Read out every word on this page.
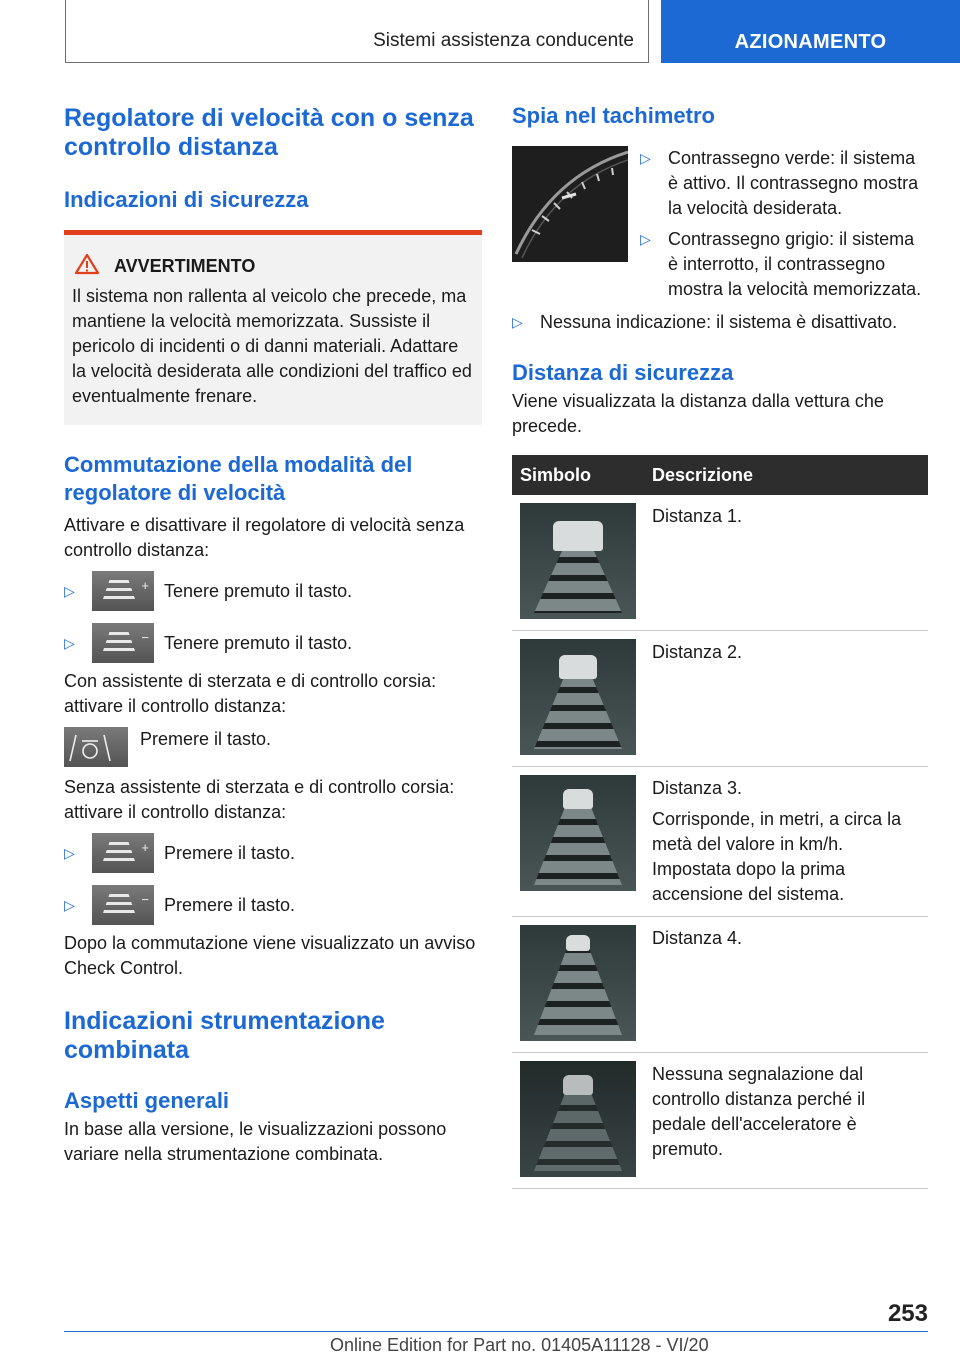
Sistemi assistenza conducente	AZIONAMENTO
Regolatore di velocità con o senza controllo distanza
Indicazioni di sicurezza
AVVERTIMENTO

Il sistema non rallenta al veicolo che precede, ma mantiene la velocità memorizzata. Sussiste il pericolo di incidenti o di danni materiali. Adattare la velocità desiderata alle condizioni del traffico ed eventualmente frenare.

Commutazione della modalità del regolatore di velocità

Attivare e disattivare il regolatore di velocità senza controllo distanza:

▷	+ Tenere premuto il tasto.
▷	− Tenere premuto il tasto.

Con assistente di sterzata e di controllo corsia: attivare il controllo distanza:

Premere il tasto.

Senza assistente di sterzata e di controllo corsia: attivare il controllo distanza:

▷	+ Premere il tasto.
▷	− Premere il tasto.

Dopo la commutazione viene visualizzato un avviso Check Control.

Indicazioni strumentazione combinata
Aspetti generali

In base alla versione, le visualizzazioni possono variare nella strumentazione combinata.

Spia nel tachimetro
▷ Contrassegno verde: il sistema è attivo. Il contrassegno mostra la velocità desiderata.

▷ Contrassegno grigio: il sistema è interrotto, il contrassegno mostra la velocità memorizzata.

▷ Nessuna indicazione: il sistema è disattivato.

Distanza di sicurezza

Viene visualizzata la distanza dalla vettura che precede.

Simbolo	Descrizione

	Distanza 1.

	Distanza 2.

	Distanza 3.

Corrisponde, in metri, a circa la metà del valore in km/h. Impostata dopo la prima accensione del sistema.

	Distanza 4.

	Nessuna segnalazione dal controllo distanza perché il pedale dell'acceleratore è premuto.

253
Online Edition for Part no. 01405A11128 - VI/20
